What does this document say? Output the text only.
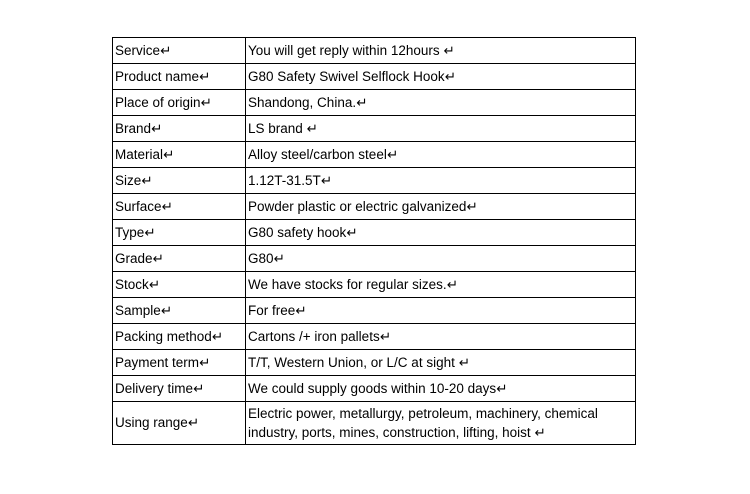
Service↵	You will get reply within 12hours ↵
Product name↵	G80 Safety Swivel Selflock Hook↵
Place of origin↵	Shandong, China.↵
Brand↵	LS brand ↵
Material↵	Alloy steel/carbon steel↵
Size↵	1.12T-31.5T↵
Surface↵	Powder plastic or electric galvanized↵
Type↵	G80 safety hook↵
Grade↵	G80↵
Stock↵	We have stocks for regular sizes.↵
Sample↵	For free↵
Packing method↵	Cartons /+ iron pallets↵
Payment term↵	T/T, Western Union, or L/C at sight ↵
Delivery time↵	We could supply goods within 10-20 days↵
Using range↵	Electric power, metallurgy, petroleum, machinery, chemical industry, ports, mines, construction, lifting, hoist ↵
